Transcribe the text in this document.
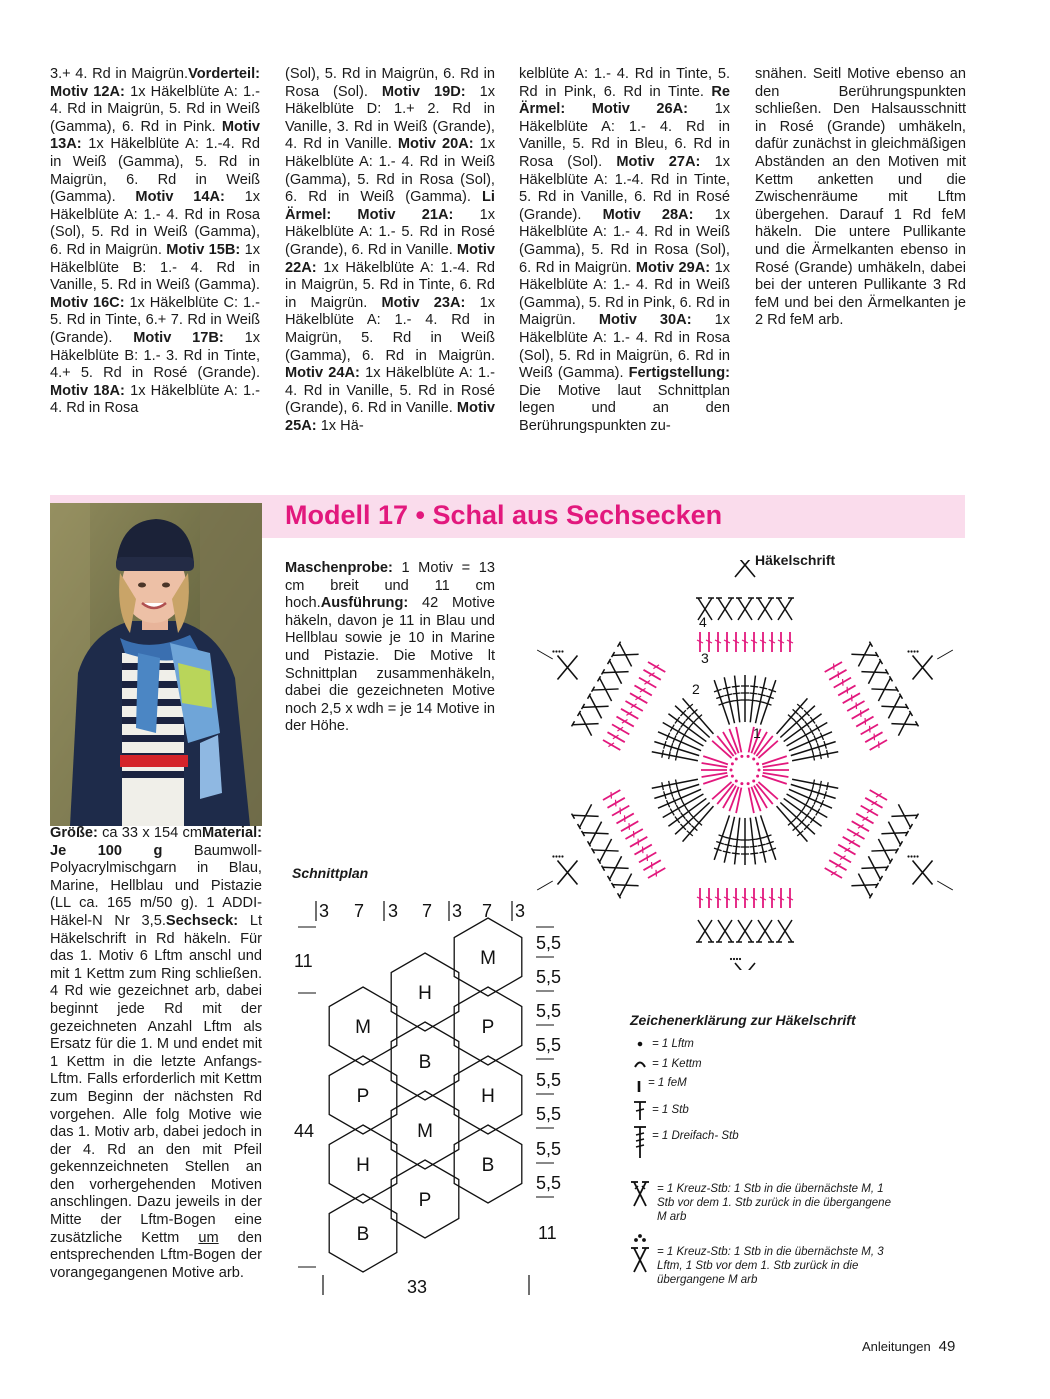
3.+ 4. Rd in Maigrün.Vorderteil: Motiv 12A: 1x Häkelblüte A: 1.- 4. Rd in Maigrün, 5. Rd in Weiß (Gamma), 6. Rd in Pink. Motiv 13A: 1x Häkelblüte A: 1.-4. Rd in Weiß (Gamma), 5. Rd in Maigrün, 6. Rd in Weiß (Gamma). Motiv 14A: 1x Häkelblüte A: 1.- 4. Rd in Rosa (Sol), 5. Rd in Weiß (Gamma), 6. Rd in Maigrün. Motiv 15B: 1x Häkelblüte B: 1.- 4. Rd in Vanille, 5. Rd in Weiß (Gamma). Motiv 16C: 1x Häkelblüte C: 1.- 5. Rd in Tinte, 6.+ 7. Rd in Weiß (Grande). Motiv 17B: 1x Häkelblüte B: 1.- 3. Rd in Tinte, 4.+ 5. Rd in Rosé (Grande). Motiv 18A: 1x Häkelblüte A: 1.- 4. Rd in Rosa
(Sol), 5. Rd in Maigrün, 6. Rd in Rosa (Sol). Motiv 19D: 1x Häkelblüte D: 1.+ 2. Rd in Vanille, 3. Rd in Weiß (Grande), 4. Rd in Vanille. Motiv 20A: 1x Häkelblüte A: 1.- 4. Rd in Weiß (Gamma), 5. Rd in Rosa (Sol), 6. Rd in Weiß (Gamma). Li Ärmel: Motiv 21A: 1x Häkelblüte A: 1.- 5. Rd in Rosé (Grande), 6. Rd in Vanille. Motiv 22A: 1x Häkelblüte A: 1.-4. Rd in Maigrün, 5. Rd in Tinte, 6. Rd in Maigrün. Motiv 23A: 1x Häkelblüte A: 1.- 4. Rd in Maigrün, 5. Rd in Weiß (Gamma), 6. Rd in Maigrün. Motiv 24A: 1x Häkelblüte A: 1.- 4. Rd in Vanille, 5. Rd in Rosé (Grande), 6. Rd in Vanille. Motiv 25A: 1x Hä-
kelblüte A: 1.- 4. Rd in Tinte, 5. Rd in Pink, 6. Rd in Tinte. Re Ärmel: Motiv 26A: 1x Häkelblüte A: 1.- 4. Rd in Vanille, 5. Rd in Bleu, 6. Rd in Rosa (Sol). Motiv 27A: 1x Häkelblüte A: 1.-4. Rd in Tinte, 5. Rd in Vanille, 6. Rd in Rosé (Grande). Motiv 28A: 1x Häkelblüte A: 1.- 4. Rd in Weiß (Gamma), 5. Rd in Rosa (Sol), 6. Rd in Maigrün. Motiv 29A: 1x Häkelblüte A: 1.- 4. Rd in Weiß (Gamma), 5. Rd in Pink, 6. Rd in Maigrün. Motiv 30A: 1x Häkelblüte A: 1.- 4. Rd in Rosa (Sol), 5. Rd in Maigrün, 6. Rd in Weiß (Gamma). Fertigstellung: Die Motive laut Schnittplan legen und an den Berührungspunkten zu-
snähen. Seitl Motive ebenso an den Berührungspunkten schließen. Den Halsausschnitt in Rosé (Grande) umhäkeln, dafür zunächst in gleichmäßigen Abständen an den Motiven mit Kettm anketten und die Zwischenräume mit Lftm übergehen. Darauf 1 Rd feM häkeln. Die untere Pullikante und die Ärmelkanten ebenso in Rosé (Grande) umhäkeln, dabei bei der unteren Pullikante 3 Rd feM und bei den Ärmelkanten je 2 Rd feM arb.
Modell 17 • Schal aus Sechsecken
Maschenprobe: 1 Motiv = 13 cm breit und 11 cm hoch.Ausführung: 42 Motive häkeln, davon je 11 in Blau und Hellblau sowie je 10 in Marine und Pistazie. Die Motive lt Schnittplan zusammenhäkeln, dabei die gezeichneten Motive noch 2,5 x wdh = je 14 Motive in der Höhe.
Größe: ca 33 x 154 cmMaterial: Je 100 g Baumwoll-Polyacrylmischgarn in Blau, Marine, Hellblau und Pistazie (LL ca. 165 m/50 g). 1 ADDI-Häkel-N Nr 3,5.Sechseck: Lt Häkelschrift in Rd häkeln. Für das 1. Motiv 6 Lftm anschl und mit 1 Kettm zum Ring schließen. 4 Rd wie gezeichnet arb, dabei beginnt jede Rd mit der gezeichneten Anzahl Lftm als Ersatz für die 1. M und endet mit 1 Kettm in die letzte Anfangs-Lftm. Falls erforderlich mit Kettm zum Beginn der nächsten Rd vorgehen. Alle folg Motive wie das 1. Motiv arb, dabei jedoch in der 4. Rd an den mit Pfeil gekennzeichneten Stellen an den vorhergehenden Motiven anschlingen. Dazu jeweils in der Mitte der Lftm-Bogen eine zusätzliche Kettm um den entsprechenden Lftm-Bogen der vorangegangenen Motive arb.
Schnittplan
3 7 3 7 3 7 3
11
44
33
5,5
5,5
5,5
5,5
5,5
5,5
5,5
5,5
11
M
H
M	P
B
P	H
M
H	B
P
B
Häkelschrift
1
2
3
4
Zeichenerklärung zur Häkelschrift
= 1 Lftm
= 1 Kettm
= 1 feM
= 1 Stb
= 1 Dreifach- Stb
= 1 Kreuz-Stb: 1 Stb in die übernächste M, 1 Stb vor dem 1. Stb zurück in die übergangene M arb
= 1 Kreuz-Stb: 1 Stb in die übernächste M, 3 Lftm, 1 Stb vor dem 1. Stb zurück in die übergangene M arb
Anleitungen 49
